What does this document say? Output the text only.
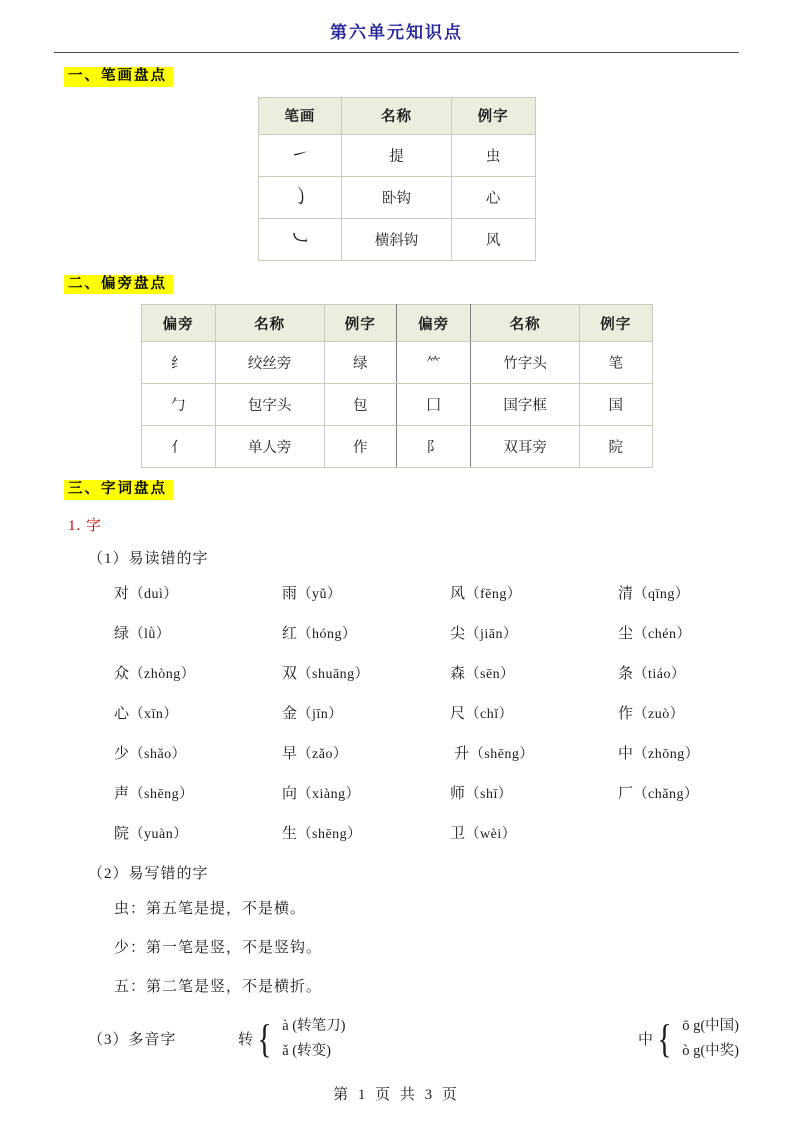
第六单元知识点
一、笔画盘点
笔画	名称	例字
㇀	提	虫
㇁	卧钩	心
㇃	横斜钩	风
二、偏旁盘点
偏旁	名称	例字	偏旁	名称	例字
纟	绞丝旁	绿	⺮	竹字头	笔
勹	包字头	包	囗	国字框	国
亻	单人旁	作	阝	双耳旁	院
三、字词盘点
1. 字
（1）易读错的字
对（duì）	雨（yǔ）	风（fēng）	清（qīng）
绿（lǜ）	红（hóng）	尖（jiān）	尘（chén）
众（zhòng）	双（shuāng）	森（sēn）	条（tiáo）
心（xīn）	金（jīn）	尺（chǐ）	作（zuò）
少（shǎo）	早（zǎo）	升（shēng）	中（zhōng）
声（shēng）	向（xiàng）	师（shī）	厂（chǎng）
院（yuàn）	生（shēng）	卫（wèi）
（2）易写错的字
虫：第五笔是提，不是横。
少：第一笔是竖，不是竖钩。
五：第二笔是竖，不是横折。
（3）多音字	转 { à (转笔刀)
ǎ (转变)
中 { ō g(中国)
ò g(中奖)
第 1 页 共 3 页
